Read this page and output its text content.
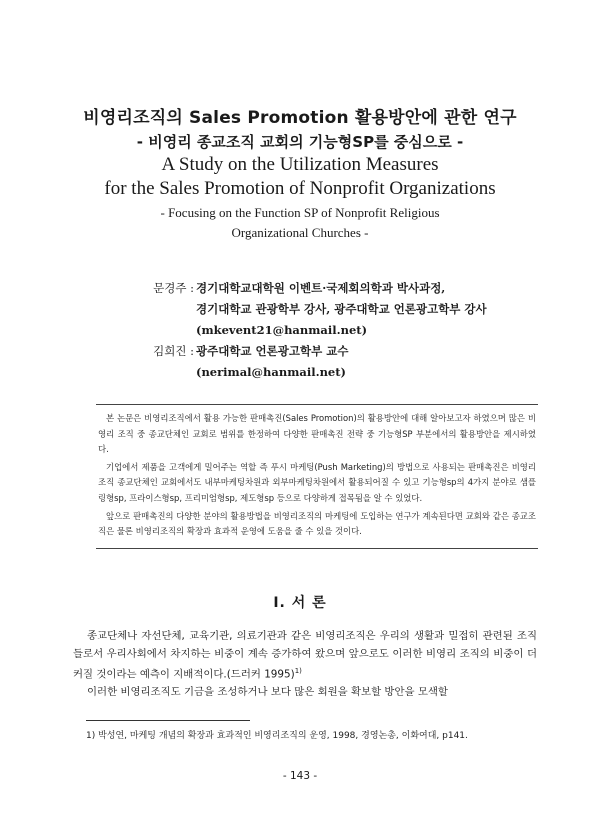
비영리조직의 Sales Promotion 활용방안에 관한 연구
- 비영리 종교조직 교회의 기능형SP를 중심으로 -
A Study on the Utilization Measures
for the Sales Promotion of Nonprofit Organizations
- Focusing on the Function SP of Nonprofit Religious
Organizational Churches -
문경주 : 경기대학교대학원 이벤트·국제회의학과 박사과정,
경기대학교 관광학부 강사, 광주대학교 언론광고학부 강사
(mkevent21@hanmail.net)
김희진 : 광주대학교 언론광고학부 교수
(nerimal@hanmail.net)

본 논문은 비영리조직에서 활용 가능한 판매촉진(Sales Promotion)의 활용방안에 대해 알아보고자 하였으며 많은 비영리 조직 중 종교단체인 교회로 범위를 한정하여 다양한 판매촉진 전략 중 기능형SP 부분에서의 활용방안을 제시하였다.

기업에서 제품을 고객에게 밀어주는 역할 즉 푸시 마케팅(Push Marketing)의 방법으로 사용되는 판매촉진은 비영리조직 종교단체인 교회에서도 내부마케팅차원과 외부마케팅차원에서 활용되어질 수 있고 기능형sp의 4가지 분야로 샘플링형sp, 프라이스형sp, 프리미엄형sp, 제도형sp 등으로 다양하게 접목됨을 알 수 있었다.

앞으로 판매촉진의 다양한 분야의 활용방법을 비영리조직의 마케팅에 도입하는 연구가 계속된다면 교회와 같은 종교조직은 물론 비영리조직의 확장과 효과적 운영에 도움을 줄 수 있을 것이다.

Ⅰ. 서 론

종교단체나 자선단체, 교육기관, 의료기관과 같은 비영리조직은 우리의 생활과 밀접히 관련된 조직들로서 우리사회에서 차지하는 비중이 계속 증가하여 왔으며 앞으로도 이러한 비영리 조직의 비중이 더 커질 것이라는 예측이 지배적이다.(드러커 1995)$^{1)}$

이러한 비영리조직도 기금을 조성하거나 보다 많은 회원을 확보할 방안을 모색할

1) 박성연, 마케팅 개념의 확장과 효과적인 비영리조직의 운영, 1998, 경영논총, 이화여대, p141.
- 143 -
